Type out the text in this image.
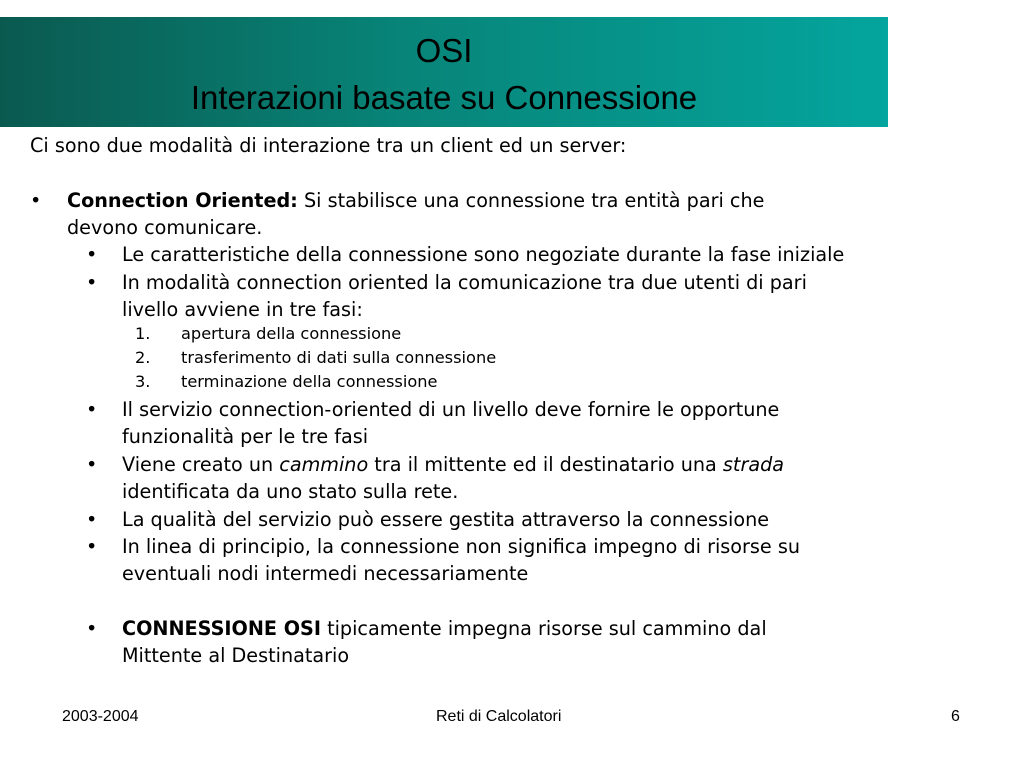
OSI
Interazioni basate su Connessione
Ci sono due modalità di interazione tra un client ed un server:
• Connection Oriented: Si stabilisce una connessione tra entità pari che
devono comunicare.
• Le caratteristiche della connessione sono negoziate durante la fase iniziale
• In modalità connection oriented la comunicazione tra due utenti di pari
livello avviene in tre fasi:
1. apertura della connessione
2. trasferimento di dati sulla connessione
3. terminazione della connessione
• Il servizio connection-oriented di un livello deve fornire le opportune
funzionalità per le tre fasi
• Viene creato un cammino tra il mittente ed il destinatario una strada
identificata da uno stato sulla rete.
• La qualità del servizio può essere gestita attraverso la connessione
• In linea di principio, la connessione non significa impegno di risorse su
eventuali nodi intermedi necessariamente
• CONNESSIONE OSI tipicamente impegna risorse sul cammino dal
Mittente al Destinatario
2003-2004	Reti di Calcolatori	6
